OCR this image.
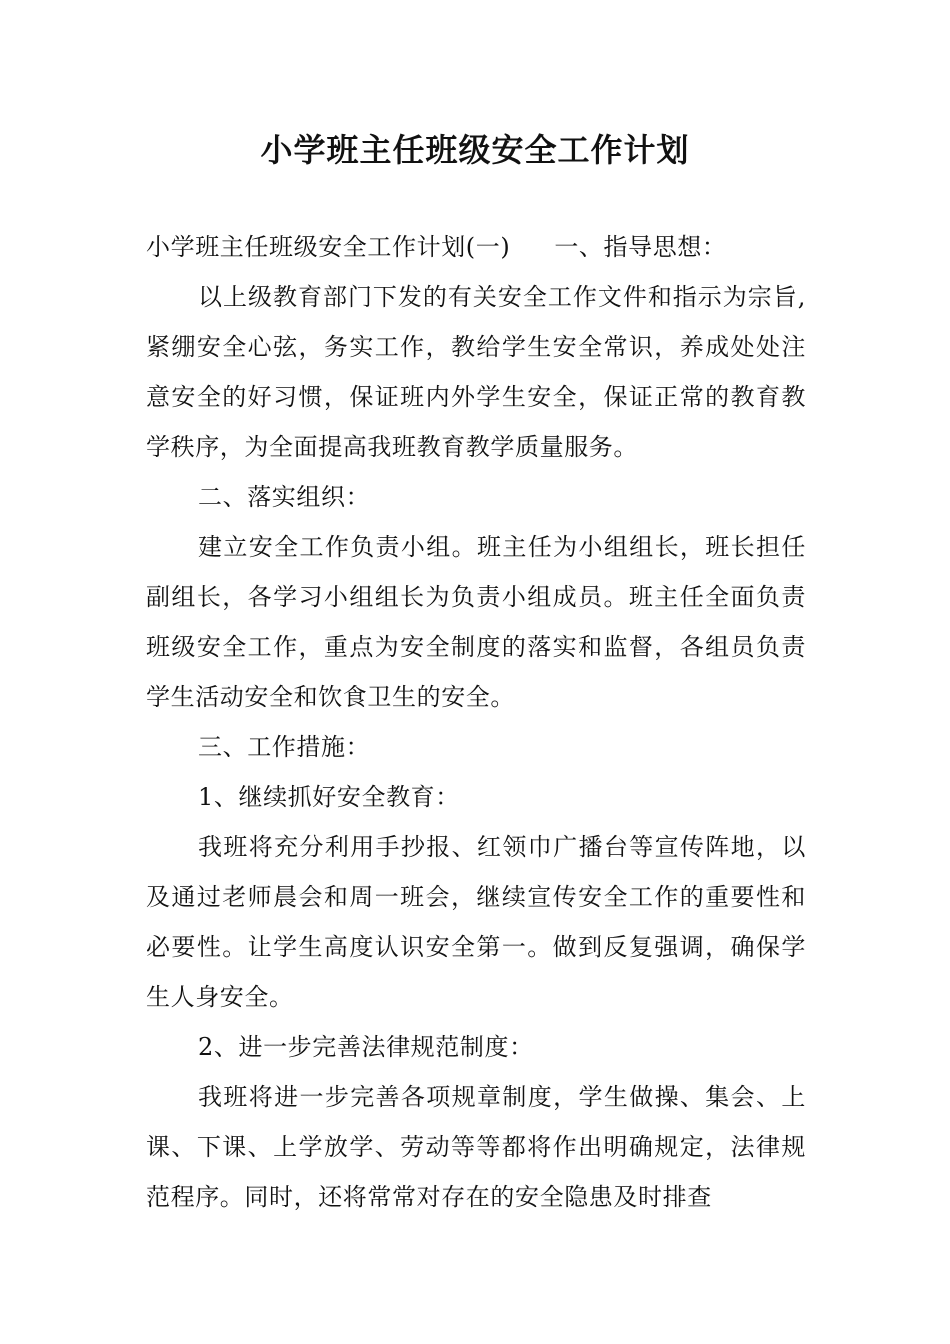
小学班主任班级安全工作计划

小学班主任班级安全工作计划(一) 一、指导思想：

以上级教育部门下发的有关安全工作文件和指示为宗旨,紧绷安全心弦，务实工作，教给学生安全常识，养成处处注意安全的好习惯，保证班内外学生安全，保证正常的教育教学秩序，为全面提高我班教育教学质量服务。

二、落实组织：

建立安全工作负责小组。班主任为小组组长，班长担任副组长，各学习小组组长为负责小组成员。班主任全面负责班级安全工作，重点为安全制度的落实和监督，各组员负责学生活动安全和饮食卫生的安全。

三、工作措施：

1、继续抓好安全教育：

我班将充分利用手抄报、红领巾广播台等宣传阵地，以及通过老师晨会和周一班会，继续宣传安全工作的重要性和必要性。让学生高度认识安全第一。做到反复强调，确保学生人身安全。

2、进一步完善法律规范制度：

我班将进一步完善各项规章制度，学生做操、集会、上课、下课、上学放学、劳动等等都将作出明确规定，法律规范程序。同时，还将常常对存在的安全隐患及时排查
